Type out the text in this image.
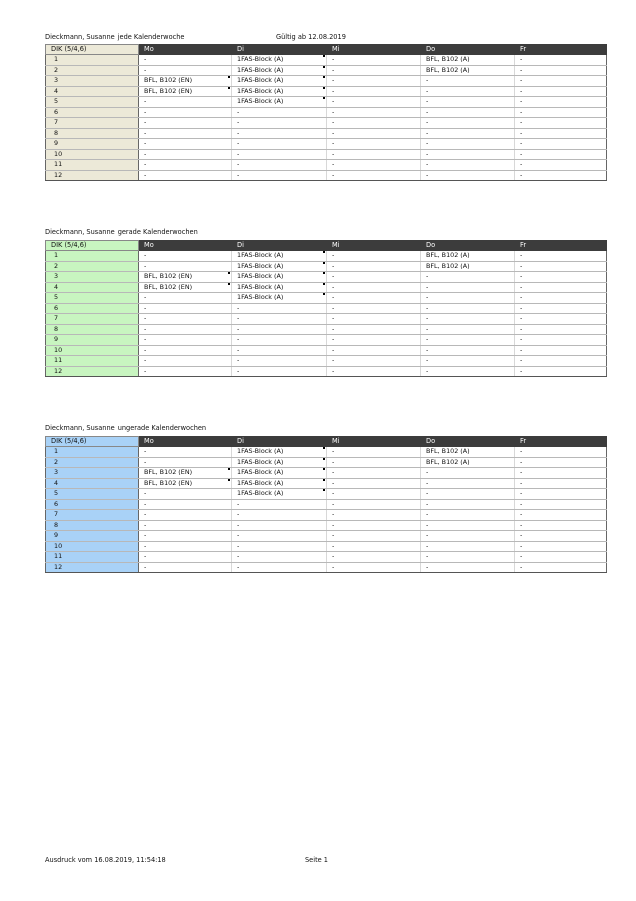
Dieckmann, Susanne jede Kalenderwoche	Gültig ab 12.08.2019
DIK (5/4,6)	Mo	Di	Mi	Do	Fr
1	-	1FAS-Block (A)	-	BFL, B102 (A)	-
2	-	1FAS-Block (A)	-	BFL, B102 (A)	-
3	BFL, B102 (EN)	1FAS-Block (A)	-	-	-
4	BFL, B102 (EN)	1FAS-Block (A)	-	-	-
5	-	1FAS-Block (A)	-	-	-
6	-	-	-	-	-
7	-	-	-	-	-
8	-	-	-	-	-
9	-	-	-	-	-
10	-	-	-	-	-
11	-	-	-	-	-
12	-	-	-	-	-
Dieckmann, Susanne gerade Kalenderwochen
DIK (5/4,6)	Mo	Di	Mi	Do	Fr
1	-	1FAS-Block (A)	-	BFL, B102 (A)	-
2	-	1FAS-Block (A)	-	BFL, B102 (A)	-
3	BFL, B102 (EN)	1FAS-Block (A)	-	-	-
4	BFL, B102 (EN)	1FAS-Block (A)	-	-	-
5	-	1FAS-Block (A)	-	-	-
6	-	-	-	-	-
7	-	-	-	-	-
8	-	-	-	-	-
9	-	-	-	-	-
10	-	-	-	-	-
11	-	-	-	-	-
12	-	-	-	-	-
Dieckmann, Susanne ungerade Kalenderwochen
DIK (5/4,6)	Mo	Di	Mi	Do	Fr
1	-	1FAS-Block (A)	-	BFL, B102 (A)	-
2	-	1FAS-Block (A)	-	BFL, B102 (A)	-
3	BFL, B102 (EN)	1FAS-Block (A)	-	-	-
4	BFL, B102 (EN)	1FAS-Block (A)	-	-	-
5	-	1FAS-Block (A)	-	-	-
6	-	-	-	-	-
7	-	-	-	-	-
8	-	-	-	-	-
9	-	-	-	-	-
10	-	-	-	-	-
11	-	-	-	-	-
12	-	-	-	-	-
Ausdruck vom 16.08.2019, 11:54:18	Seite 1
